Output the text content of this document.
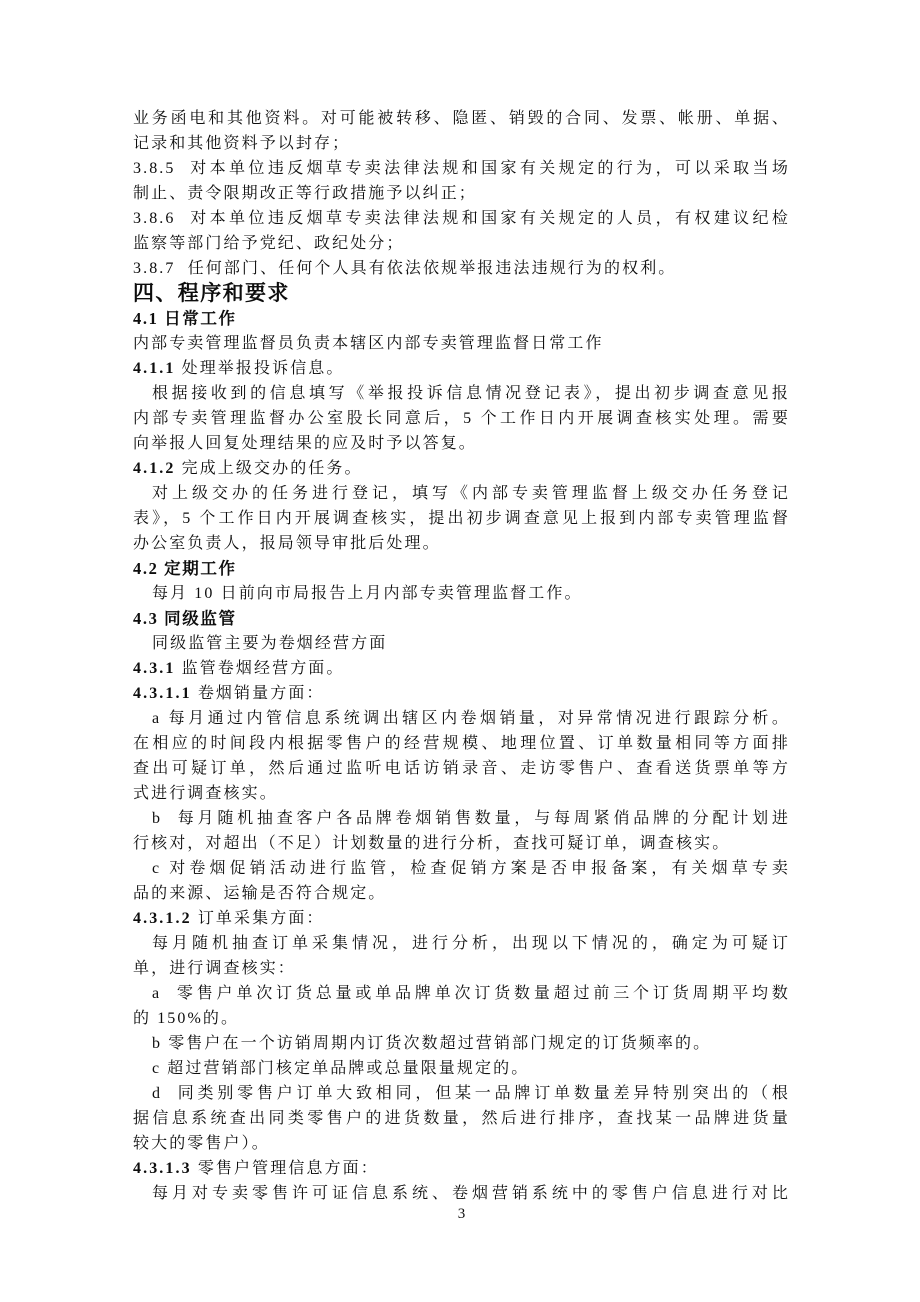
业务函电和其他资料。对可能被转移、隐匿、销毁的合同、发票、帐册、单据、
记录和其他资料予以封存；
3.8.5  对本单位违反烟草专卖法律法规和国家有关规定的行为，可以采取当场
制止、责令限期改正等行政措施予以纠正；
3.8.6  对本单位违反烟草专卖法律法规和国家有关规定的人员，有权建议纪检
监察等部门给予党纪、政纪处分；
3.8.7  任何部门、任何个人具有依法依规举报违法违规行为的权利。
四、程序和要求
4.1 日常工作
内部专卖管理监督员负责本辖区内部专卖管理监督日常工作
4.1.1 处理举报投诉信息。
根据接收到的信息填写《举报投诉信息情况登记表》，提出初步调查意见报
内部专卖管理监督办公室股长同意后，5 个工作日内开展调查核实处理。需要
向举报人回复处理结果的应及时予以答复。
4.1.2 完成上级交办的任务。
对上级交办的任务进行登记，填写《内部专卖管理监督上级交办任务登记
表》，5 个工作日内开展调查核实，提出初步调查意见上报到内部专卖管理监督
办公室负责人，报局领导审批后处理。
4.2 定期工作
每月 10 日前向市局报告上月内部专卖管理监督工作。
4.3 同级监管
同级监管主要为卷烟经营方面
4.3.1 监管卷烟经营方面。
4.3.1.1 卷烟销量方面：
a 每月通过内管信息系统调出辖区内卷烟销量，对异常情况进行跟踪分析。
在相应的时间段内根据零售户的经营规模、地理位置、订单数量相同等方面排
查出可疑订单，然后通过监听电话访销录音、走访零售户、查看送货票单等方
式进行调查核实。
b  每月随机抽查客户各品牌卷烟销售数量，与每周紧俏品牌的分配计划进
行核对，对超出（不足）计划数量的进行分析，查找可疑订单，调查核实。
c 对卷烟促销活动进行监管，检查促销方案是否申报备案，有关烟草专卖
品的来源、运输是否符合规定。
4.3.1.2 订单采集方面：
每月随机抽查订单采集情况，进行分析，出现以下情况的，确定为可疑订
单，进行调查核实：
a  零售户单次订货总量或单品牌单次订货数量超过前三个订货周期平均数
的 150%的。
b 零售户在一个访销周期内订货次数超过营销部门规定的订货频率的。
c 超过营销部门核定单品牌或总量限量规定的。
d  同类别零售户订单大致相同，但某一品牌订单数量差异特别突出的（根
据信息系统查出同类零售户的进货数量，然后进行排序，查找某一品牌进货量
较大的零售户）。
4.3.1.3 零售户管理信息方面：
每月对专卖零售许可证信息系统、卷烟营销系统中的零售户信息进行对比
3
